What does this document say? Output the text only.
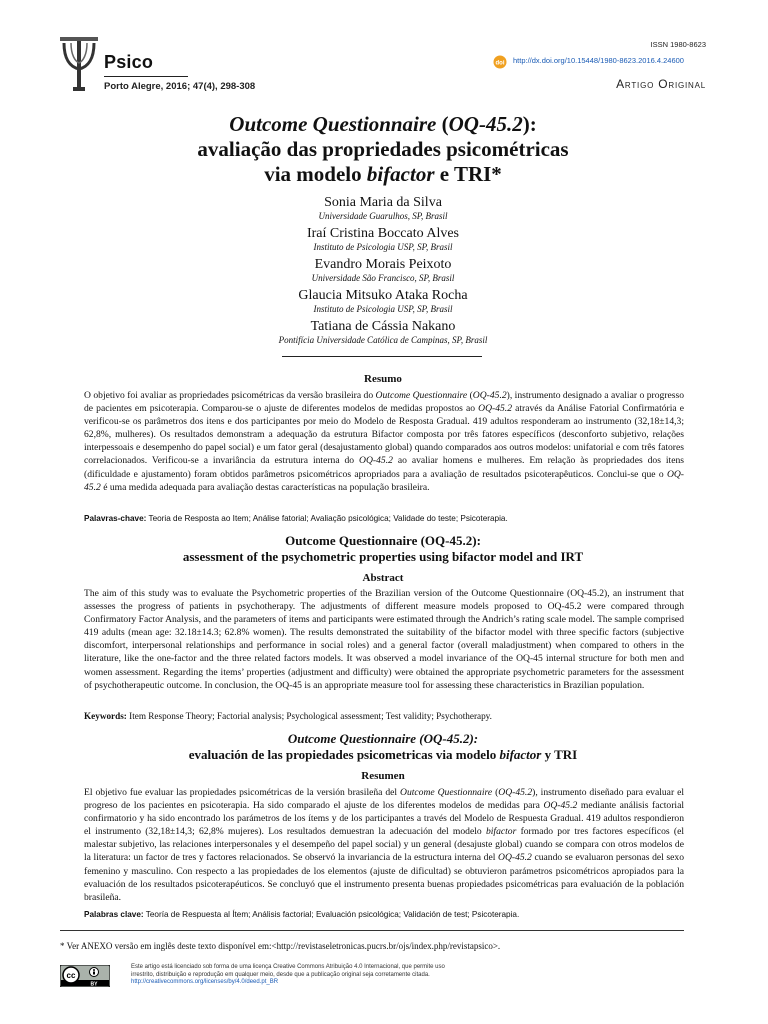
Psico
Porto Alegre, 2016; 47(4), 298-308
ISSN 1980-8623
doi http://dx.doi.org/10.15448/1980-8623.2016.4.24600
Artigo Original
Outcome Questionnaire (OQ-45.2):
avaliação das propriedades psicométricas
via modelo bifactor e TRI*
Sonia Maria da Silva
Universidade Guarulhos, SP, Brasil
Iraí Cristina Boccato Alves
Instituto de Psicologia USP, SP, Brasil
Evandro Morais Peixoto
Universidade São Francisco, SP, Brasil
Glaucia Mitsuko Ataka Rocha
Instituto de Psicologia USP, SP, Brasil
Tatiana de Cássia Nakano
Pontifícia Universidade Católica de Campinas, SP, Brasil
Resumo
O objetivo foi avaliar as propriedades psicométricas da versão brasileira do Outcome Questionnaire (OQ-45.2), instrumento designado a avaliar o progresso de pacientes em psicoterapia. Comparou-se o ajuste de diferentes modelos de medidas propostos ao OQ-45.2 através da Análise Fatorial Confirmatória e verificou-se os parâmetros dos itens e dos participantes por meio do Modelo de Resposta Gradual. 419 adultos responderam ao instrumento (32,18±14,3; 62,8%, mulheres). Os resultados demonstram a adequação da estrutura Bifactor composta por três fatores específicos (desconforto subjetivo, relações interpessoais e desempenho do papel social) e um fator geral (desajustamento global) quando comparados aos outros modelos: unifatorial e com três fatores correlacionados. Verificou-se a invariância da estrutura interna do OQ-45.2 ao avaliar homens e mulheres. Em relação às propriedades dos itens (dificuldade e ajustamento) foram obtidos parâmetros psicométricos apropriados para a avaliação de resultados psicoterapêuticos. Conclui-se que o OQ-45.2 é uma medida adequada para avaliação destas características na população brasileira.
Palavras-chave: Teoria de Resposta ao Item; Análise fatorial; Avaliação psicológica; Validade do teste; Psicoterapia.
Outcome Questionnaire (OQ-45.2):
assessment of the psychometric properties using bifactor model and IRT
Abstract
The aim of this study was to evaluate the Psychometric properties of the Brazilian version of the Outcome Questionnaire (OQ-45.2), an instrument that assesses the progress of patients in psychotherapy. The adjustments of different measure models proposed to OQ-45.2 were compared through Confirmatory Factor Analysis, and the parameters of items and participants were estimated through the Andrich’s rating scale model. The sample comprised 419 adults (mean age: 32.18±14.3; 62.8% women). The results demonstrated the suitability of the bifactor model with three specific factors (subjective discomfort, interpersonal relationships and performance in social roles) and a general factor (overall maladjustment) when compared to others in the literature, like the one-factor and the three related factors models. It was observed a model invariance of the OQ-45 internal structure for both men and women assessment. Regarding the items’ properties (adjustment and difficulty) were obtained the appropriate psychometric parameters for the assessment of psychotherapeutic outcome. In conclusion, the OQ-45 is an appropriate measure tool for assessing these characteristics in Brazilian population.
Keywords: Item Response Theory; Factorial analysis; Psychological assessment; Test validity; Psychotherapy.
Outcome Questionnaire (OQ-45.2):
evaluación de las propiedades psicometricas via modelo bifactor y TRI
Resumen
El objetivo fue evaluar las propiedades psicométricas de la versión brasileña del Outcome Questionnaire (OQ-45.2), instrumento diseñado para evaluar el progreso de los pacientes en psicoterapia. Ha sido comparado el ajuste de los diferentes modelos de medidas para OQ-45.2 mediante análisis factorial confirmatorio y ha sido encontrado los parámetros de los ítems y de los participantes a través del Modelo de Respuesta Gradual. 419 adultos respondieron el instrumento (32,18±14,3; 62,8% mujeres). Los resultados demuestran la adecuación del modelo bifactor formado por tres factores específicos (el malestar subjetivo, las relaciones interpersonales y el desempeño del papel social) y un general (desajuste global) cuando se compara con otros modelos de la literatura: un factor de tres y factores relacionados. Se observó la invariancia de la estructura interna del OQ-45.2 cuando se evaluaron personas del sexo femenino y masculino. Con respecto a las propiedades de los elementos (ajuste de dificultad) se obtuvieron parámetros psicométricos apropiados para la evaluación de los resultados psicoterapéuticos. Se concluyó que el instrumento presenta buenas propiedades psicométricas para evaluación de la población brasileña.
Palabras clave: Teoría de Respuesta al Ítem; Análisis factorial; Evaluación psicológica; Validación de test; Psicoterapia.
* Ver ANEXO versão em inglês deste texto disponível em:<http://revistaseletronicas.pucrs.br/ojs/index.php/revistapsico>.
cc
BY
Este artigo está licenciado sob forma de uma licença Creative Commons Atribuição 4.0 Internacional, que permite uso irrestrito, distribuição e reprodução em qualquer meio, desde que a publicação original seja corretamente citada. http://creativecommons.org/licenses/by/4.0/deed.pt_BR
